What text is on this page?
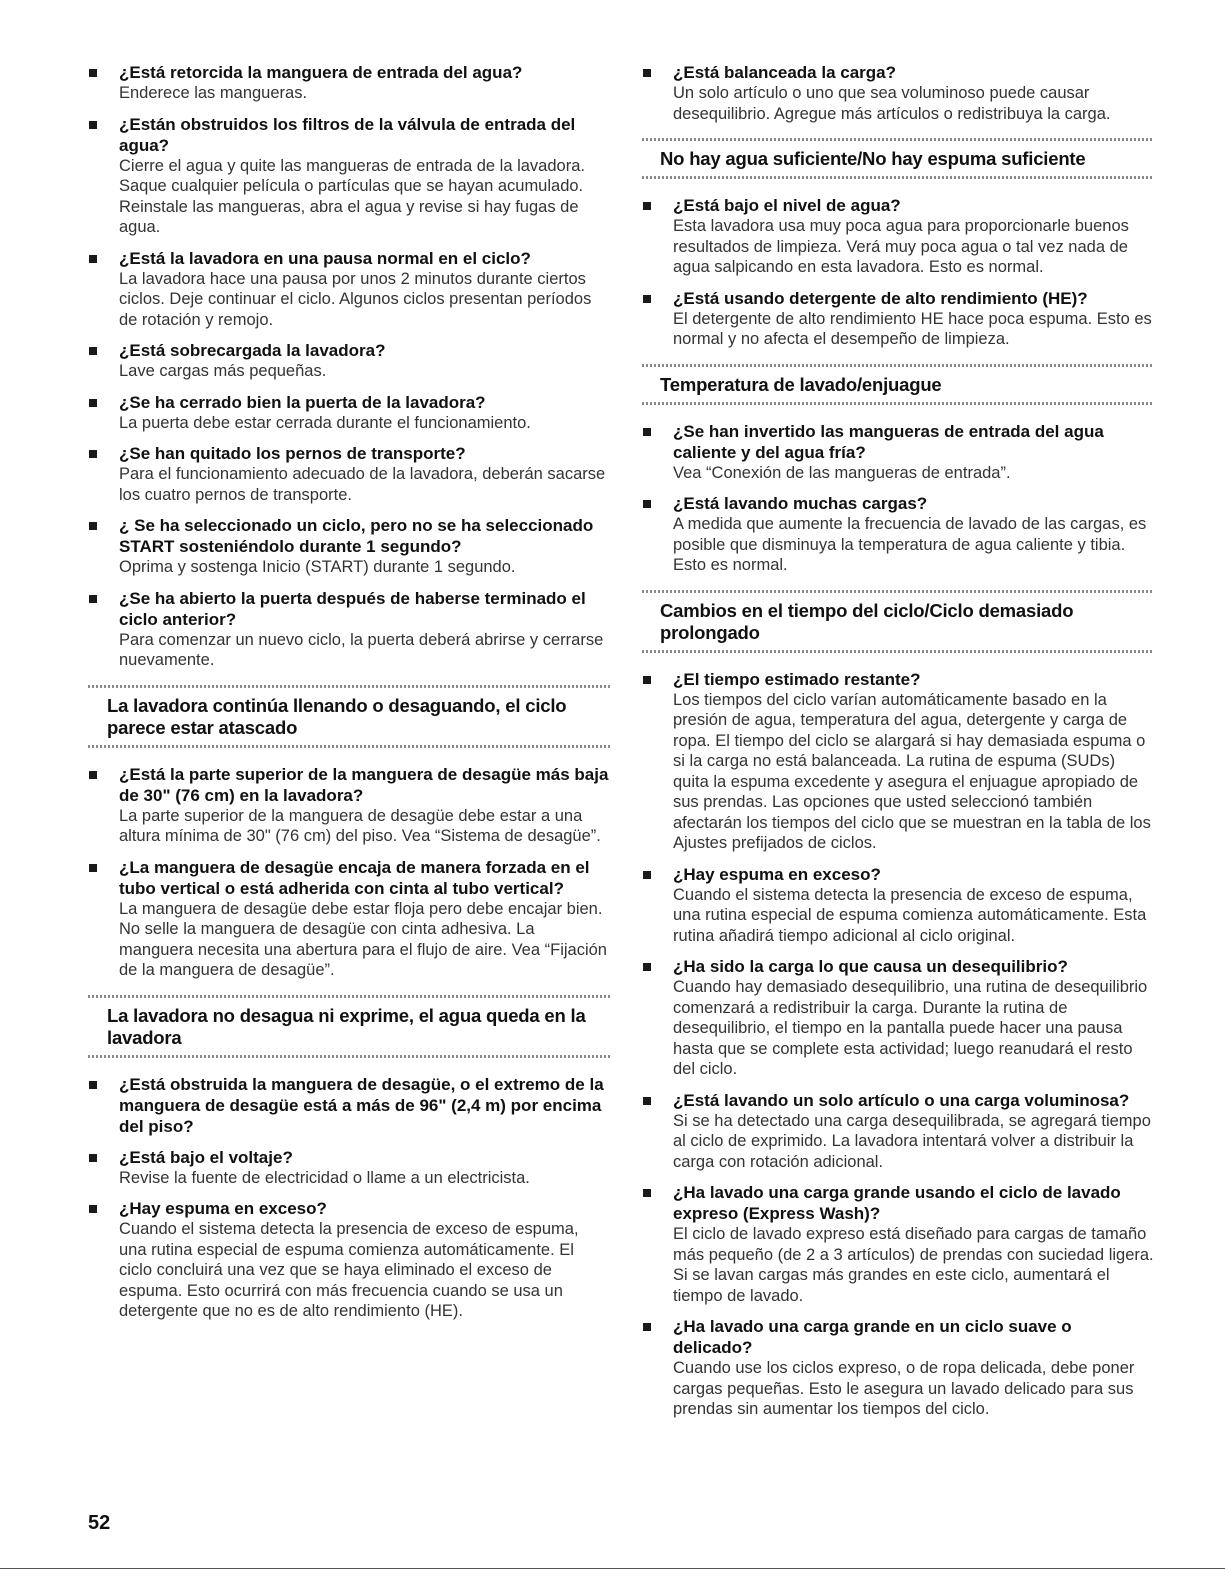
¿Está retorcida la manguera de entrada del agua?
Enderece las mangueras.
¿Están obstruidos los filtros de la válvula de entrada del agua?
Cierre el agua y quite las mangueras de entrada de la lavadora. Saque cualquier película o partículas que se hayan acumulado. Reinstale las mangueras, abra el agua y revise si hay fugas de agua.
¿Está la lavadora en una pausa normal en el ciclo?
La lavadora hace una pausa por unos 2 minutos durante ciertos ciclos. Deje continuar el ciclo. Algunos ciclos presentan períodos de rotación y remojo.
¿Está sobrecargada la lavadora?
Lave cargas más pequeñas.
¿Se ha cerrado bien la puerta de la lavadora?
La puerta debe estar cerrada durante el funcionamiento.
¿Se han quitado los pernos de transporte?
Para el funcionamiento adecuado de la lavadora, deberán sacarse los cuatro pernos de transporte.
¿ Se ha seleccionado un ciclo, pero no se ha seleccionado START sosteniéndolo durante 1 segundo?
Oprima y sostenga Inicio (START) durante 1 segundo.
¿Se ha abierto la puerta después de haberse terminado el ciclo anterior?
Para comenzar un nuevo ciclo, la puerta deberá abrirse y cerrarse nuevamente.
La lavadora continúa llenando o desaguando, el ciclo parece estar atascado
¿Está la parte superior de la manguera de desagüe más baja de 30" (76 cm) en la lavadora?
La parte superior de la manguera de desagüe debe estar a una altura mínima de 30" (76 cm) del piso. Vea “Sistema de desagüe”.
¿La manguera de desagüe encaja de manera forzada en el tubo vertical o está adherida con cinta al tubo vertical?
La manguera de desagüe debe estar floja pero debe encajar bien. No selle la manguera de desagüe con cinta adhesiva. La manguera necesita una abertura para el flujo de aire. Vea “Fijación de la manguera de desagüe”.
La lavadora no desagua ni exprime, el agua queda en la lavadora
¿Está obstruida la manguera de desagüe, o el extremo de la manguera de desagüe está a más de 96" (2,4 m) por encima del piso?
¿Está bajo el voltaje?
Revise la fuente de electricidad o llame a un electricista.
¿Hay espuma en exceso?
Cuando el sistema detecta la presencia de exceso de espuma, una rutina especial de espuma comienza automáticamente. El ciclo concluirá una vez que se haya eliminado el exceso de espuma. Esto ocurrirá con más frecuencia cuando se usa un detergente que no es de alto rendimiento (HE).
¿Está balanceada la carga?
Un solo artículo o uno que sea voluminoso puede causar desequilibrio. Agregue más artículos o redistribuya la carga.
No hay agua suficiente/No hay espuma suficiente
¿Está bajo el nivel de agua?
Esta lavadora usa muy poca agua para proporcionarle buenos resultados de limpieza. Verá muy poca agua o tal vez nada de agua salpicando en esta lavadora. Esto es normal.
¿Está usando detergente de alto rendimiento (HE)?
El detergente de alto rendimiento HE hace poca espuma. Esto es normal y no afecta el desempeño de limpieza.
Temperatura de lavado/enjuague
¿Se han invertido las mangueras de entrada del agua caliente y del agua fría?
Vea “Conexión de las mangueras de entrada”.
¿Está lavando muchas cargas?
A medida que aumente la frecuencia de lavado de las cargas, es posible que disminuya la temperatura de agua caliente y tibia. Esto es normal.
Cambios en el tiempo del ciclo/Ciclo demasiado prolongado
¿El tiempo estimado restante?
Los tiempos del ciclo varían automáticamente basado en la presión de agua, temperatura del agua, detergente y carga de ropa. El tiempo del ciclo se alargará si hay demasiada espuma o si la carga no está balanceada. La rutina de espuma (SUDs) quita la espuma excedente y asegura el enjuague apropiado de sus prendas. Las opciones que usted seleccionó también afectarán los tiempos del ciclo que se muestran en la tabla de los Ajustes prefijados de ciclos.
¿Hay espuma en exceso?
Cuando el sistema detecta la presencia de exceso de espuma, una rutina especial de espuma comienza automáticamente. Esta rutina añadirá tiempo adicional al ciclo original.
¿Ha sido la carga lo que causa un desequilibrio?
Cuando hay demasiado desequilibrio, una rutina de desequilibrio comenzará a redistribuir la carga. Durante la rutina de desequilibrio, el tiempo en la pantalla puede hacer una pausa hasta que se complete esta actividad; luego reanudará el resto del ciclo.
¿Está lavando un solo artículo o una carga voluminosa?
Si se ha detectado una carga desequilibrada, se agregará tiempo al ciclo de exprimido. La lavadora intentará volver a distribuir la carga con rotación adicional.
¿Ha lavado una carga grande usando el ciclo de lavado expreso (Express Wash)?
El ciclo de lavado expreso está diseñado para cargas de tamaño más pequeño (de 2 a 3 artículos) de prendas con suciedad ligera. Si se lavan cargas más grandes en este ciclo, aumentará el tiempo de lavado.
¿Ha lavado una carga grande en un ciclo suave o delicado?
Cuando use los ciclos expreso, o de ropa delicada, debe poner cargas pequeñas. Esto le asegura un lavado delicado para sus prendas sin aumentar los tiempos del ciclo.
52
